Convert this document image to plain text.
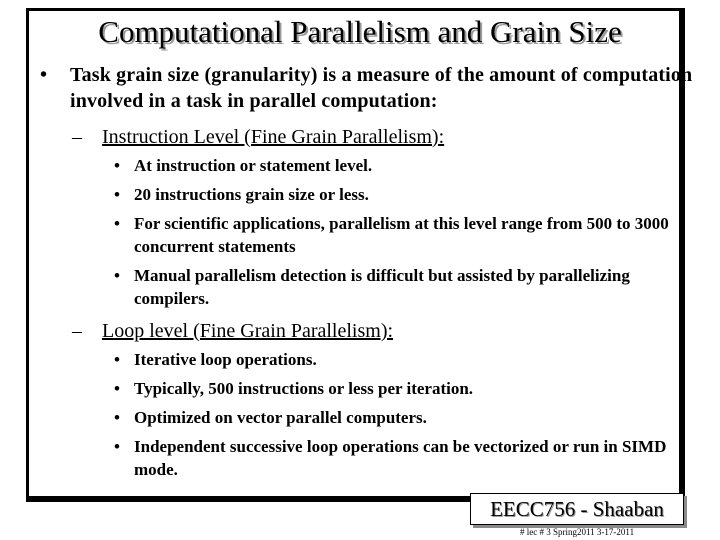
Computational Parallelism and Grain Size
• Task grain size (granularity) is a measure of the amount of computation involved in a task in parallel computation:
– Instruction Level (Fine Grain Parallelism):
• At instruction or statement level.
• 20 instructions grain size or less.
• For scientific applications, parallelism at this level range from 500 to 3000 concurrent statements
• Manual parallelism detection is difficult but assisted by parallelizing compilers.
– Loop level (Fine Grain Parallelism):
• Iterative loop operations.
• Typically, 500 instructions or less per iteration.
• Optimized on vector parallel computers.
• Independent successive loop operations can be vectorized or run in SIMD mode.
EECC756 - Shaaban
# lec # 3 Spring2011 3-17-2011
